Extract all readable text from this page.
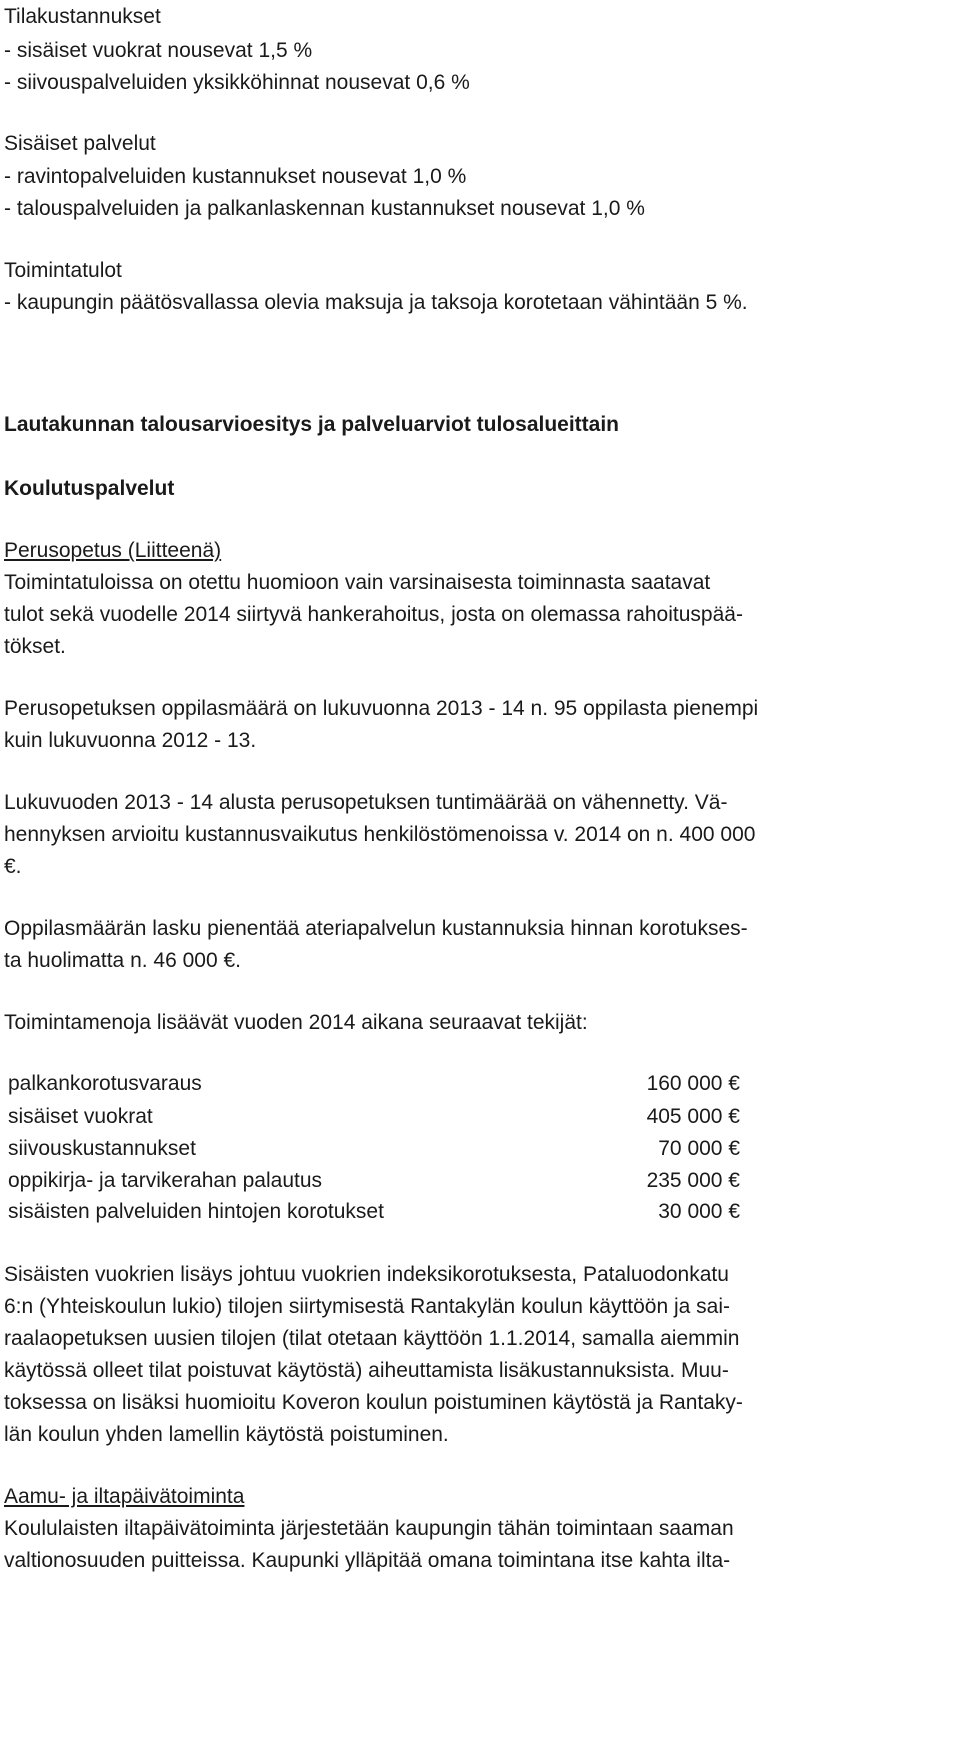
Tilakustannukset
- sisäiset vuokrat nousevat 1,5 %
- siivouspalveluiden yksikköhinnat nousevat 0,6 %
Sisäiset palvelut
- ravintopalveluiden kustannukset nousevat 1,0 %
- talouspalveluiden ja palkanlaskennan kustannukset nousevat 1,0 %
Toimintatulot
- kaupungin päätösvallassa olevia maksuja ja taksoja korotetaan vähintään 5 %.
Lautakunnan talousarvioesitys ja palveluarviot tulosalueittain
Koulutuspalvelut
Perusopetus (Liitteenä)
Toimintatuloissa on otettu huomioon vain varsinaisesta toiminnasta saatavat
tulot sekä vuodelle 2014 siirtyvä hankerahoitus, josta on olemassa rahoituspää-
tökset.
Perusopetuksen oppilasmäärä on lukuvuonna 2013 - 14 n. 95 oppilasta pienempi
kuin lukuvuonna 2012 - 13.
Lukuvuoden 2013 - 14 alusta perusopetuksen tuntimäärää on vähennetty. Vä-
hennyksen arvioitu kustannusvaikutus henkilöstömenoissa v. 2014 on n. 400 000
€.
Oppilasmäärän lasku pienentää ateriapalvelun kustannuksia hinnan korotukses-
ta huolimatta n. 46 000 €.
Toimintamenoja lisäävät vuoden 2014 aikana seuraavat tekijät:
palkankorotusvaraus	160 000 €
sisäiset vuokrat	405 000 €
siivouskustannukset	70 000 €
oppikirja- ja tarvikerahan palautus	235 000 €
sisäisten palveluiden hintojen korotukset	30 000 €
Sisäisten vuokrien lisäys johtuu vuokrien indeksikorotuksesta, Pataluodonkatu
6:n (Yhteiskoulun lukio) tilojen siirtymisestä Rantakylän koulun käyttöön ja sai-
raalaopetuksen uusien tilojen (tilat otetaan käyttöön 1.1.2014, samalla aiemmin
käytössä olleet tilat poistuvat käytöstä) aiheuttamista lisäkustannuksista. Muu-
toksessa on lisäksi huomioitu Koveron koulun poistuminen käytöstä ja Rantaky-
län koulun yhden lamellin käytöstä poistuminen.
Aamu- ja iltapäivätoiminta
Koululaisten iltapäivätoiminta järjestetään kaupungin tähän toimintaan saaman
valtionosuuden puitteissa. Kaupunki ylläpitää omana toimintana itse kahta ilta-
